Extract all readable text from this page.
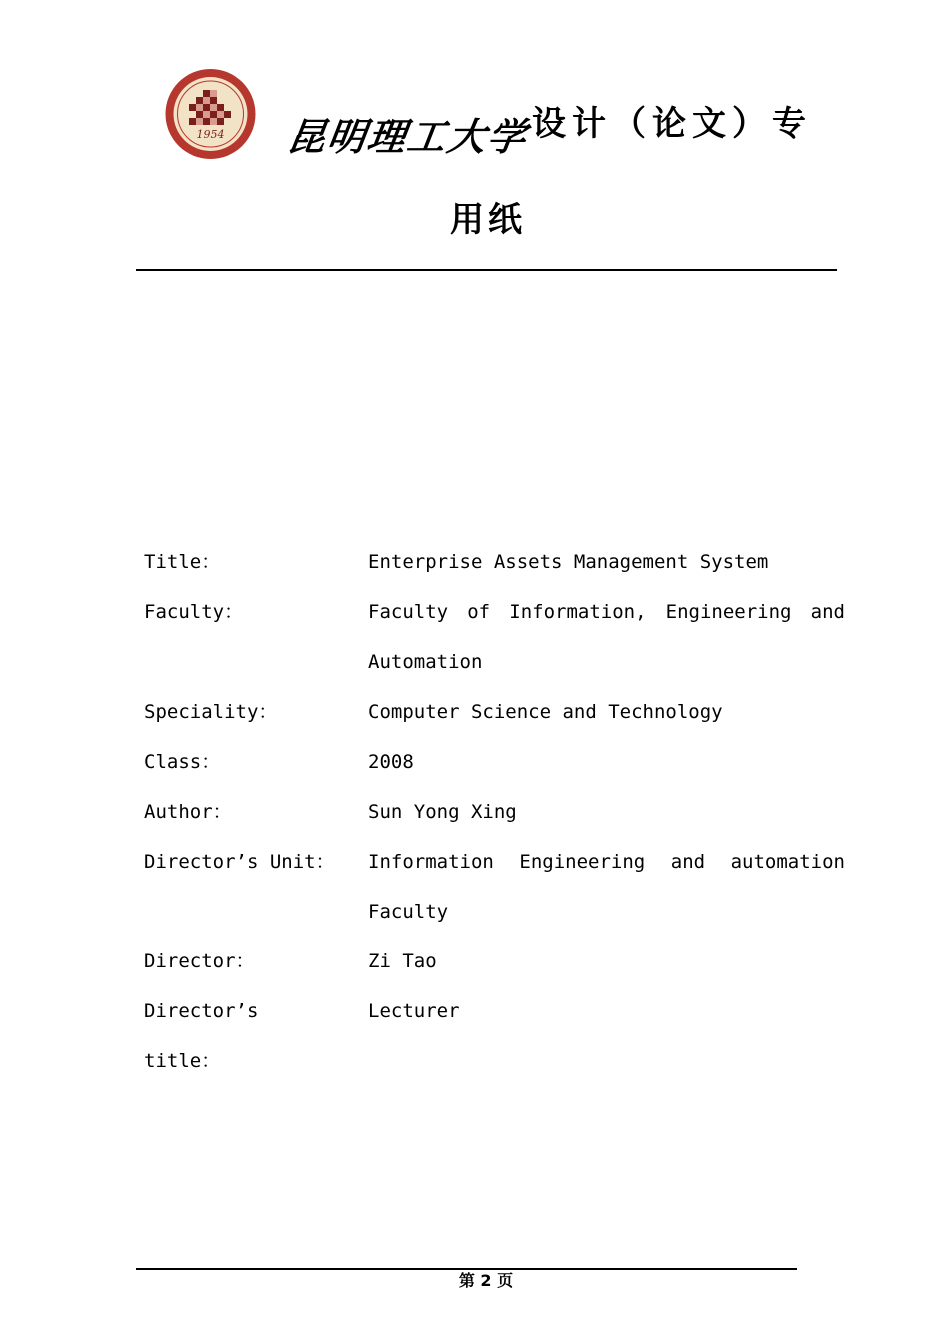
1954 昆明理工大学 设计（论文）专
用纸
Title：	Enterprise Assets Management System
Faculty：	Faculty of Information, Engineering and
Automation
Speciality：	Computer Science and Technology
Class：	2008
Author：	Sun Yong Xing
Director’s Unit： Information Engineering and automation
Faculty
Director：	Zi Tao
Director’s	Lecturer
title：
第 2 页
